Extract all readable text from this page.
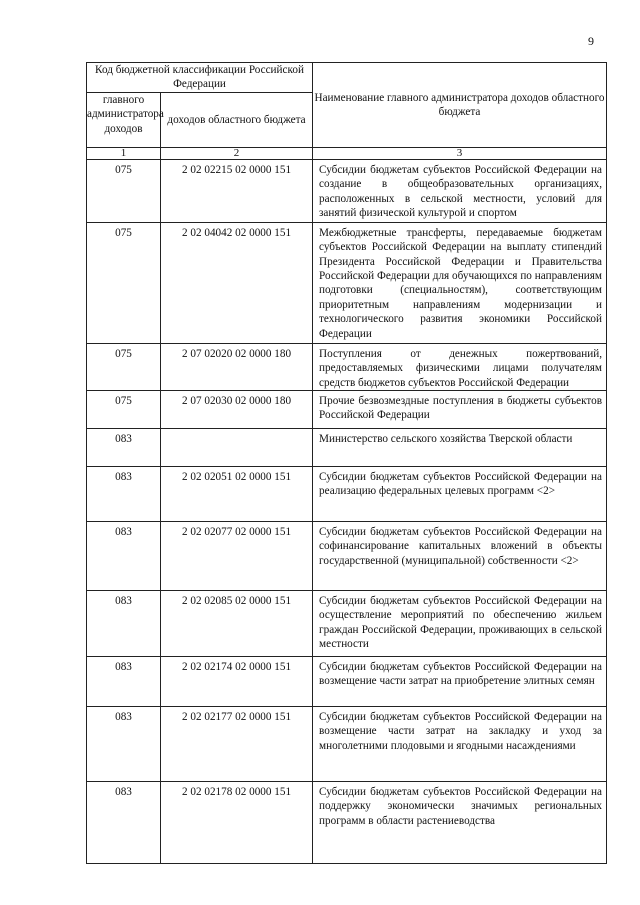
9
Код бюджетной классификации Российской Федерации		Наименование главного администратора доходов областного бюджета
главного администратора доходов	доходов областного бюджета	
1	2	3
075	2 02 02215 02 0000 151	Субсидии бюджетам субъектов Российской Федерации на создание в общеобразовательных организациях, расположенных в сельской местности, условий для занятий физической культурой и спортом
075	2 02 04042 02 0000 151	Межбюджетные трансферты, передаваемые бюджетам субъектов Российской Федерации на выплату стипендий Президента Российской Федерации и Правительства Российской Федерации для обучающихся по направлениям подготовки (специальностям), соответствующим приоритетным направлениям модернизации и технологического развития экономики Российской Федерации
075	2 07 02020 02 0000 180	Поступления от денежных пожертвований, предоставляемых физическими лицами получателям средств бюджетов субъектов Российской Федерации
075	2 07 02030 02 0000 180	Прочие безвозмездные поступления в бюджеты субъектов Российской Федерации
083		Министерство сельского хозяйства Тверской области
083	2 02 02051 02 0000 151	Субсидии бюджетам субъектов Российской Федерации на реализацию федеральных целевых программ <2>
083	2 02 02077 02 0000 151	Субсидии бюджетам субъектов Российской Федерации на софинансирование капитальных вложений в объекты государственной (муниципальной) собственности <2>
083	2 02 02085 02 0000 151	Субсидии бюджетам субъектов Российской Федерации на осуществление мероприятий по обеспечению жильем граждан Российской Федерации, проживающих в сельской местности
083	2 02 02174 02 0000 151	Субсидии бюджетам субъектов Российской Федерации на возмещение части затрат на приобретение элитных семян
083	2 02 02177 02 0000 151	Субсидии бюджетам субъектов Российской Федерации на возмещение части затрат на закладку и уход за многолетними плодовыми и ягодными насаждениями
083	2 02 02178 02 0000 151	Субсидии бюджетам субъектов Российской Федерации на поддержку экономически значимых региональных программ в области растениеводства
